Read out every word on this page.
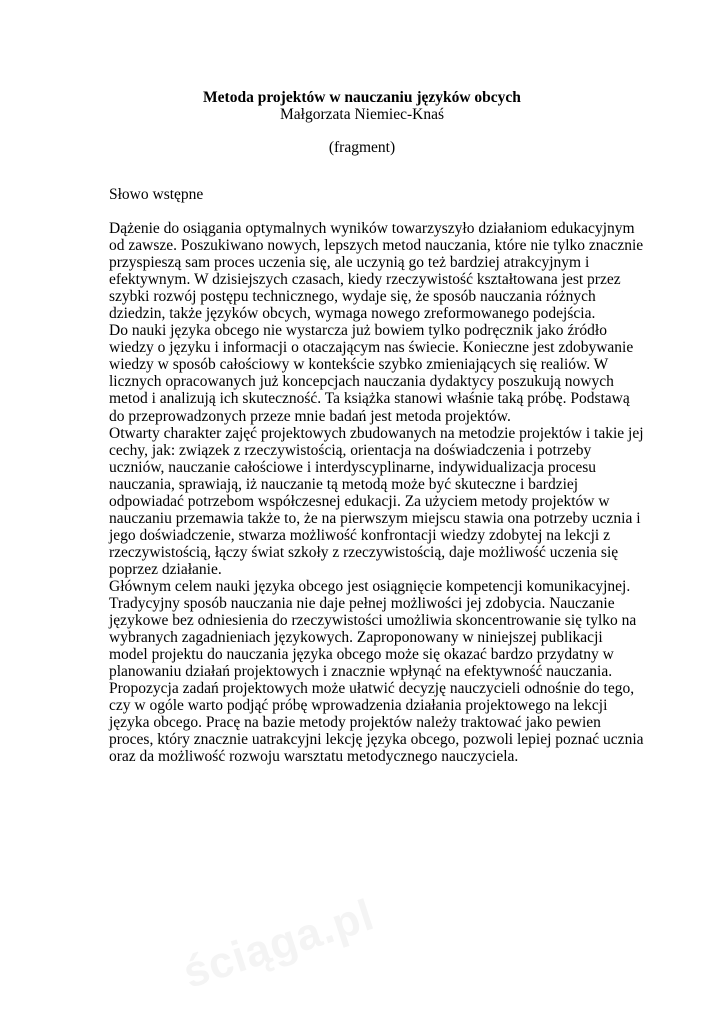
Metoda projektów w nauczaniu języków obcych
Małgorzata Niemiec-Knaś
(fragment)
Słowo wstępne
Dążenie do osiągania optymalnych wyników towarzyszyło działaniom edukacyjnym
od zawsze. Poszukiwano nowych, lepszych metod nauczania, które nie tylko znacznie
przyspieszą sam proces uczenia się, ale uczynią go też bardziej atrakcyjnym i
efektywnym. W dzisiejszych czasach, kiedy rzeczywistość kształtowana jest przez
szybki rozwój postępu technicznego, wydaje się, że sposób nauczania różnych
dziedzin, także języków obcych, wymaga nowego zreformowanego podejścia.
Do nauki języka obcego nie wystarcza już bowiem tylko podręcznik jako źródło
wiedzy o języku i informacji o otaczającym nas świecie. Konieczne jest zdobywanie
wiedzy w sposób całościowy w kontekście szybko zmieniających się realiów. W
licznych opracowanych już koncepcjach nauczania dydaktycy poszukują nowych
metod i analizują ich skuteczność. Ta książka stanowi właśnie taką próbę. Podstawą
do przeprowadzonych przeze mnie badań jest metoda projektów.
Otwarty charakter zajęć projektowych zbudowanych na metodzie projektów i takie jej
cechy, jak: związek z rzeczywistością, orientacja na doświadczenia i potrzeby
uczniów, nauczanie całościowe i interdyscyplinarne, indywidualizacja procesu
nauczania, sprawiają, iż nauczanie tą metodą może być skuteczne i bardziej
odpowiadać potrzebom współczesnej edukacji. Za użyciem metody projektów w
nauczaniu przemawia także to, że na pierwszym miejscu stawia ona potrzeby ucznia i
jego doświadczenie, stwarza możliwość konfrontacji wiedzy zdobytej na lekcji z
rzeczywistością, łączy świat szkoły z rzeczywistością, daje możliwość uczenia się
poprzez działanie.
Głównym celem nauki języka obcego jest osiągnięcie kompetencji komunikacyjnej.
Tradycyjny sposób nauczania nie daje pełnej możliwości jej zdobycia. Nauczanie
językowe bez odniesienia do rzeczywistości umożliwia skoncentrowanie się tylko na
wybranych zagadnieniach językowych. Zaproponowany w niniejszej publikacji
model projektu do nauczania języka obcego może się okazać bardzo przydatny w
planowaniu działań projektowych i znacznie wpłynąć na efektywność nauczania.
Propozycja zadań projektowych może ułatwić decyzję nauczycieli odnośnie do tego,
czy w ogóle warto podjąć próbę wprowadzenia działania projektowego na lekcji
języka obcego. Pracę na bazie metody projektów należy traktować jako pewien
proces, który znacznie uatrakcyjni lekcję języka obcego, pozwoli lepiej poznać ucznia
oraz da możliwość rozwoju warsztatu metodycznego nauczyciela.
ściąga.pl
